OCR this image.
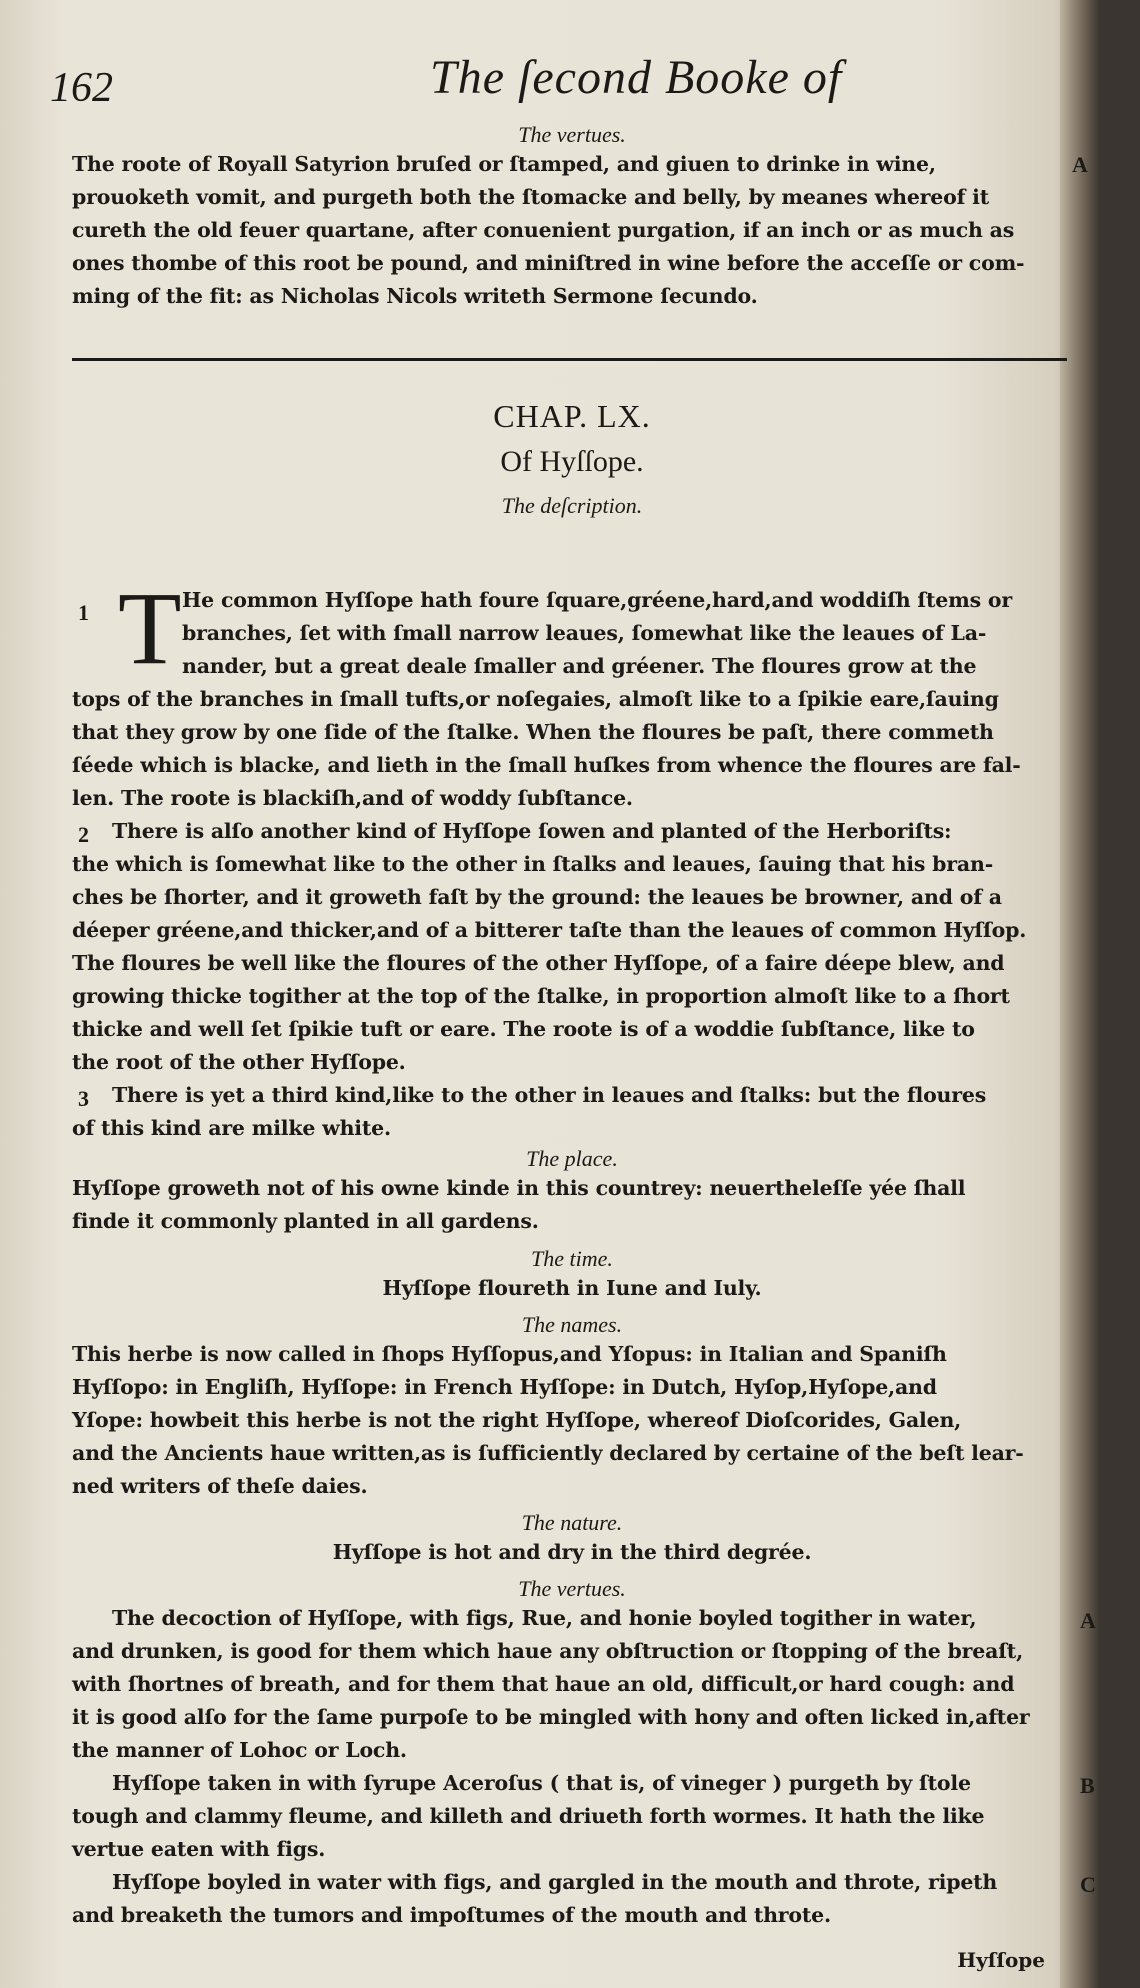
162	The ſecond Booke of

The vertues.

The roote of Royall Satyrion bruſed or ſtamped, and giuen to drinke in wine,

prouoketh vomit, and purgeth both the ſtomacke and belly, by meanes whereof it

cureth the old feuer quartane, after conuenient purgation, if an inch or as much as

ones thombe of this root be pound, and miniſtred in wine before the acceſſe or com-

ming of the fit: as Nicholas Nicols writeth Sermone ſecundo.

A

CHAP. LX.

Of Hyſſope.

The deſcription.

1 T He common Hyſſope hath foure ſquare,gréene,hard,and woddiſh ſtems or

branches, ſet with ſmall narrow leaues, ſomewhat like the leaues of La-

nander, but a great deale ſmaller and gréener. The floures grow at the

tops of the branches in ſmall tufts,or noſegaies, almoſt like to a ſpikie eare,ſauing

that they grow by one ſide of the ſtalke. When the floures be paſt, there commeth

ſéede which is blacke, and lieth in the ſmall huſkes from whence the floures are fal-

len. The roote is blackiſh,and of woddy ſubſtance.

2	There is alſo another kind of Hyſſope ſowen and planted of the Herboriſts:

the which is ſomewhat like to the other in ſtalks and leaues, ſauing that his bran-

ches be ſhorter, and it groweth faſt by the ground: the leaues be browner, and of a

déeper gréene,and thicker,and of a bitterer taſte than the leaues of common Hyſſop.

The floures be well like the floures of the other Hyſſope, of a faire déepe blew, and

growing thicke togither at the top of the ſtalke, in proportion almoſt like to a ſhort

thicke and well ſet ſpikie tuft or eare. The roote is of a woddie ſubſtance, like to

the root of the other Hyſſope.

3	There is yet a third kind,like to the other in leaues and ſtalks: but the floures

of this kind are milke white.

The place.

Hyſſope groweth not of his owne kinde in this countrey: neuertheleſſe yée ſhall

finde it commonly planted in all gardens.

The time.

Hyſſope floureth in Iune and Iuly.

The names.

This herbe is now called in ſhops Hyſſopus,and Yſopus: in Italian and Spaniſh

Hyſſopo: in Engliſh, Hyſſope: in French Hyſſope: in Dutch, Hyſop,Hyſope,and

Yſope: howbeit this herbe is not the right Hyſſope, whereof Dioſcorides, Galen,

and the Ancients haue written,as is ſufficiently declared by certaine of the beſt lear-

ned writers of theſe daies.

The nature.

Hyſſope is hot and dry in the third degrée.

The vertues.

The decoction of Hyſſope, with figs, Rue, and honie boyled togither in water,

and drunken, is good for them which haue any obſtruction or ſtopping of the breaſt,

with ſhortnes of breath, and for them that haue an old, difficult,or hard cough: and

it is good alſo for the ſame purpoſe to be mingled with hony and often licked in,after

the manner of Lohoc or Loch.

Hyſſope taken in with ſyrupe Aceroſus ( that is, of vineger ) purgeth by ſtole

tough and clammy fleume, and killeth and driueth forth wormes. It hath the like

vertue eaten with figs.

Hyſſope boyled in water with figs, and gargled in the mouth and throte, ripeth

and breaketh the tumors and impoſtumes of the mouth and throte.

A
B
C
Hyſſope
